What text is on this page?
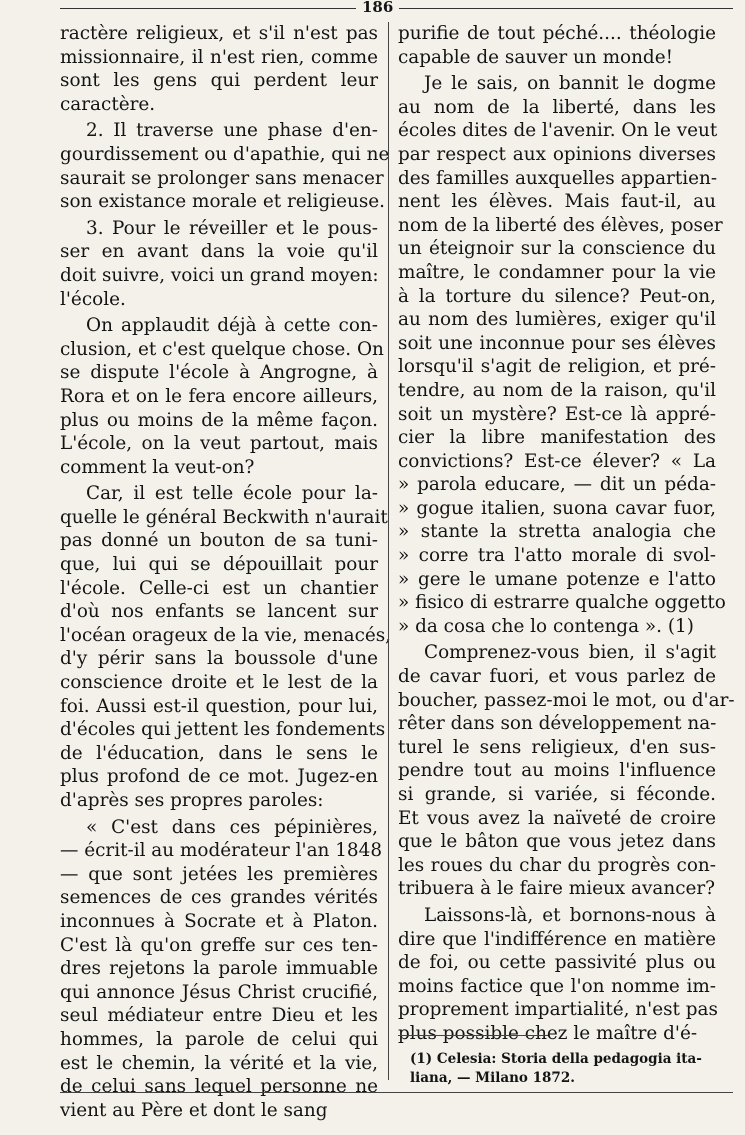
186
ractère religieux, et s'il n'est pas
missionnaire, il n'est rien, comme
sont les gens qui perdent leur
caractère.
2. Il traverse une phase d'en-
gourdissement ou d'apathie, qui ne
saurait se prolonger sans menacer
son existance morale et religieuse.
3. Pour le réveiller et le pous-
ser en avant dans la voie qu'il
doit suivre, voici un grand moyen:
l'école.
On applaudit déjà à cette con-
clusion, et c'est quelque chose. On
se dispute l'école à Angrogne, à
Rora et on le fera encore ailleurs,
plus ou moins de la même façon.
L'école, on la veut partout, mais
comment la veut-on?
Car, il est telle école pour la-
quelle le général Beckwith n'aurait
pas donné un bouton de sa tuni-
que, lui qui se dépouillait pour
l'école. Celle-ci est un chantier
d'où nos enfants se lancent sur
l'océan orageux de la vie, menacés,
d'y périr sans la boussole d'une
conscience droite et le lest de la
foi. Aussi est-il question, pour lui,
d'écoles qui jettent les fondements
de l'éducation, dans le sens le
plus profond de ce mot. Jugez-en
d'après ses propres paroles:
« C'est dans ces pépinières,
— écrit-il au modérateur l'an 1848
— que sont jetées les premières
semences de ces grandes vérités
inconnues à Socrate et à Platon.
C'est là qu'on greffe sur ces ten-
dres rejetons la parole immuable
qui annonce Jésus Christ crucifié,
seul médiateur entre Dieu et les
hommes, la parole de celui qui
est le chemin, la vérité et la vie,
de celui sans lequel personne ne
vient au Père et dont le sang
purifie de tout péché.... théologie
capable de sauver un monde!
Je le sais, on bannit le dogme
au nom de la liberté, dans les
écoles dites de l'avenir. On le veut
par respect aux opinions diverses
des familles auxquelles appartien-
nent les élèves. Mais faut-il, au
nom de la liberté des élèves, poser
un éteignoir sur la conscience du
maître, le condamner pour la vie
à la torture du silence? Peut-on,
au nom des lumières, exiger qu'il
soit une inconnue pour ses élèves
lorsqu'il s'agit de religion, et pré-
tendre, au nom de la raison, qu'il
soit un mystère? Est-ce là appré-
cier la libre manifestation des
convictions? Est-ce élever? « La
» parola educare, — dit un péda-
» gogue italien, suona cavar fuor,
» stante la stretta analogia che
» corre tra l'atto morale di svol-
» gere le umane potenze e l'atto
» fisico di estrarre qualche oggetto
» da cosa che lo contenga ». (1)
Comprenez-vous bien, il s'agit
de cavar fuori, et vous parlez de
boucher, passez-moi le mot, ou d'ar-
rêter dans son développement na-
turel le sens religieux, d'en sus-
pendre tout au moins l'influence
si grande, si variée, si féconde.
Et vous avez la naïveté de croire
que le bâton que vous jetez dans
les roues du char du progrès con-
tribuera à le faire mieux avancer?
Laissons-là, et bornons-nous à
dire que l'indifférence en matière
de foi, ou cette passivité plus ou
moins factice que l'on nomme im-
proprement impartialité, n'est pas
plus possible chez le maître d'é-
(1) Celesia: Storia della pedagogia ita-
liana, — Milano 1872.
